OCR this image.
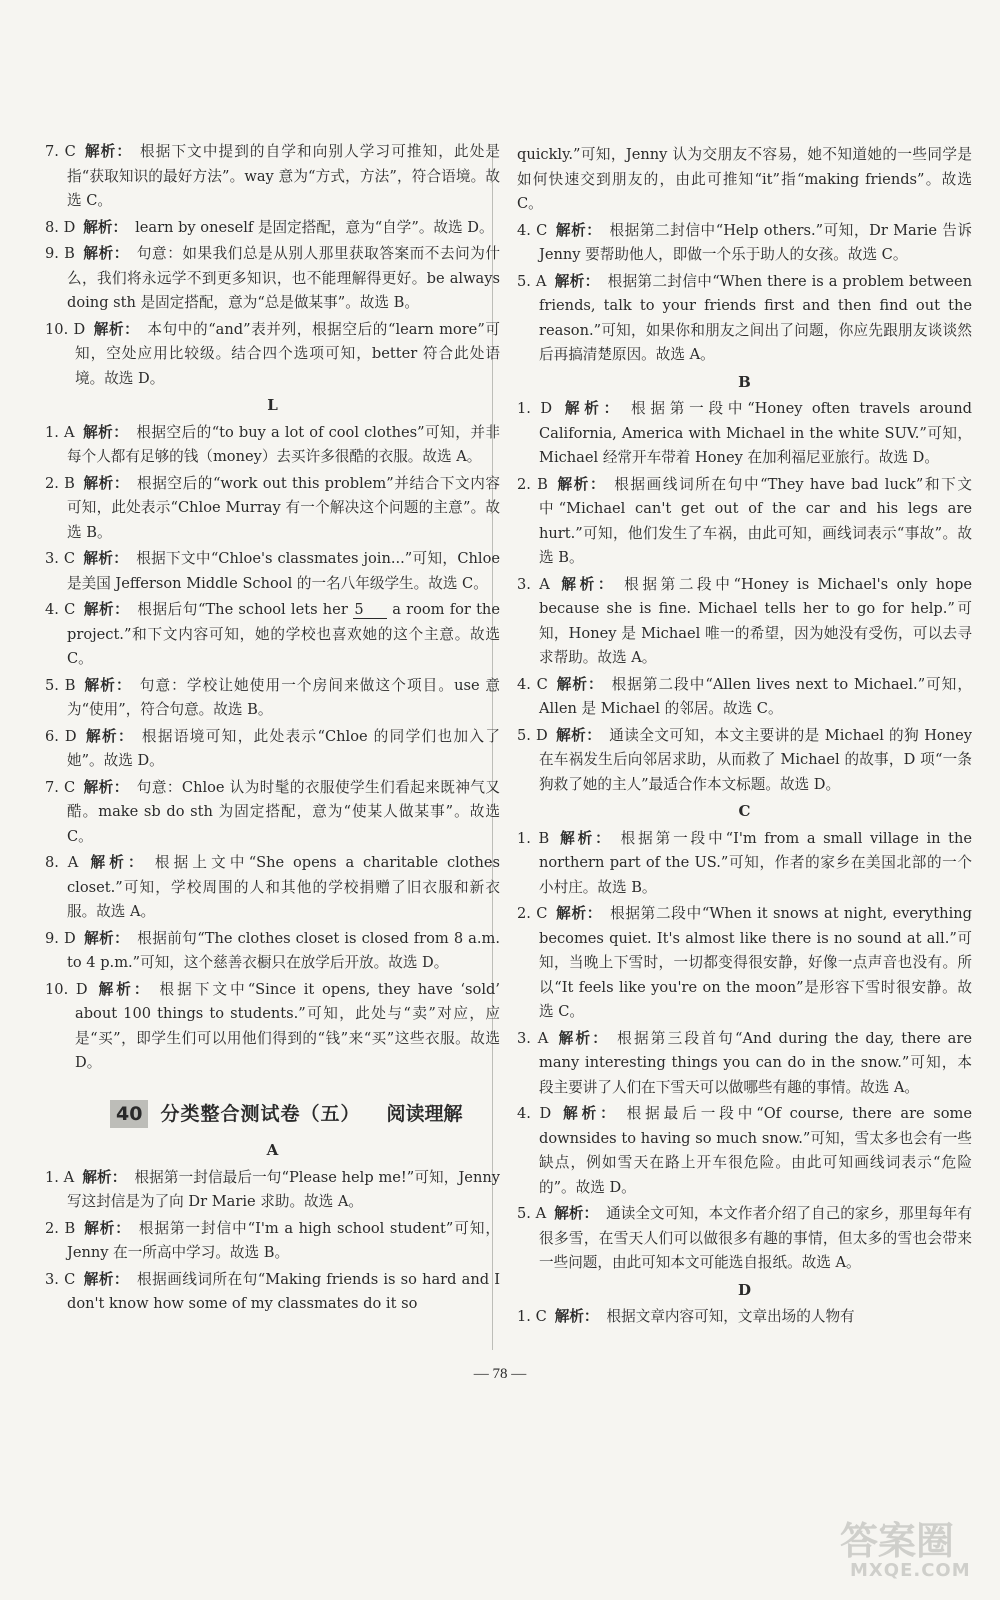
7. C 解析： 根据下文中提到的自学和向别人学习可推知，此处是指“获取知识的最好方法”。way 意为“方式，方法”，符合语境。故选 C。

8. D 解析： learn by oneself 是固定搭配，意为“自学”。故选 D。

9. B 解析： 句意：如果我们总是从别人那里获取答案而不去问为什么，我们将永远学不到更多知识，也不能理解得更好。be always doing sth 是固定搭配，意为“总是做某事”。故选 B。

10. D 解析： 本句中的“and”表并列，根据空后的“learn more”可知，空处应用比较级。结合四个选项可知，better 符合此处语境。故选 D。

L

1. A 解析： 根据空后的“to buy a lot of cool clothes”可知，并非每个人都有足够的钱（money）去买许多很酷的衣服。故选 A。

2. B 解析： 根据空后的“work out this problem”并结合下文内容可知，此处表示“Chloe Murray 有一个解决这个问题的主意”。故选 B。

3. C 解析： 根据下文中“Chloe's classmates join...”可知，Chloe 是美国 Jefferson Middle School 的一名八年级学生。故选 C。

4. C 解析： 根据后句“The school lets her 5 a room for the project.”和下文内容可知，她的学校也喜欢她的这个主意。故选 C。

5. B 解析： 句意：学校让她使用一个房间来做这个项目。use 意为“使用”，符合句意。故选 B。

6. D 解析： 根据语境可知，此处表示“Chloe 的同学们也加入了她”。故选 D。

7. C 解析： 句意：Chloe 认为时髦的衣服使学生们看起来既神气又酷。make sb do sth 为固定搭配，意为“使某人做某事”。故选 C。

8. A 解析： 根据上文中“She opens a charitable clothes closet.”可知，学校周围的人和其他的学校捐赠了旧衣服和新衣服。故选 A。

9. D 解析： 根据前句“The clothes closet is closed from 8 a.m. to 4 p.m.”可知，这个慈善衣橱只在放学后开放。故选 D。

10. D 解析： 根据下文中“Since it opens, they have ‘sold’ about 100 things to students.”可知，此处与“卖”对应，应是“买”，即学生们可以用他们得到的“钱”来“买”这些衣服。故选 D。

40 分类整合测试卷（五） 阅读理解
A

1. A 解析： 根据第一封信最后一句“Please help me!”可知，Jenny 写这封信是为了向 Dr Marie 求助。故选 A。

2. B 解析： 根据第一封信中“I'm a high school student”可知，Jenny 在一所高中学习。故选 B。

3. C 解析： 根据画线词所在句“Making friends is so hard and I don't know how some of my classmates do it so

quickly.”可知，Jenny 认为交朋友不容易，她不知道她的一些同学是如何快速交到朋友的，由此可推知“it”指“making friends”。故选 C。

4. C 解析： 根据第二封信中“Help others.”可知，Dr Marie 告诉 Jenny 要帮助他人，即做一个乐于助人的女孩。故选 C。

5. A 解析： 根据第二封信中“When there is a problem between friends, talk to your friends first and then find out the reason.”可知，如果你和朋友之间出了问题，你应先跟朋友谈谈然后再搞清楚原因。故选 A。

B

1. D 解析： 根据第一段中“Honey often travels around California, America with Michael in the white SUV.”可知，Michael 经常开车带着 Honey 在加利福尼亚旅行。故选 D。

2. B 解析： 根据画线词所在句中“They have bad luck”和下文中“Michael can't get out of the car and his legs are hurt.”可知，他们发生了车祸，由此可知，画线词表示“事故”。故选 B。

3. A 解析： 根据第二段中“Honey is Michael's only hope because she is fine. Michael tells her to go for help.”可知，Honey 是 Michael 唯一的希望，因为她没有受伤，可以去寻求帮助。故选 A。

4. C 解析： 根据第二段中“Allen lives next to Michael.”可知，Allen 是 Michael 的邻居。故选 C。

5. D 解析： 通读全文可知，本文主要讲的是 Michael 的狗 Honey 在车祸发生后向邻居求助，从而救了 Michael 的故事，D 项“一条狗救了她的主人”最适合作本文标题。故选 D。

C

1. B 解析： 根据第一段中“I'm from a small village in the northern part of the US.”可知，作者的家乡在美国北部的一个小村庄。故选 B。

2. C 解析： 根据第二段中“When it snows at night, everything becomes quiet. It's almost like there is no sound at all.”可知，当晚上下雪时，一切都变得很安静，好像一点声音也没有。所以“It feels like you're on the moon”是形容下雪时很安静。故选 C。

3. A 解析： 根据第三段首句“And during the day, there are many interesting things you can do in the snow.”可知，本段主要讲了人们在下雪天可以做哪些有趣的事情。故选 A。

4. D 解析： 根据最后一段中“Of course, there are some downsides to having so much snow.”可知，雪太多也会有一些缺点，例如雪天在路上开车很危险。由此可知画线词表示“危险的”。故选 D。

5. A 解析： 通读全文可知，本文作者介绍了自己的家乡，那里每年有很多雪，在雪天人们可以做很多有趣的事情，但太多的雪也会带来一些问题，由此可知本文可能选自报纸。故选 A。

D

1. C 解析： 根据文章内容可知，文章出场的人物有

— 78 —
答案圈
MXQE.COM
